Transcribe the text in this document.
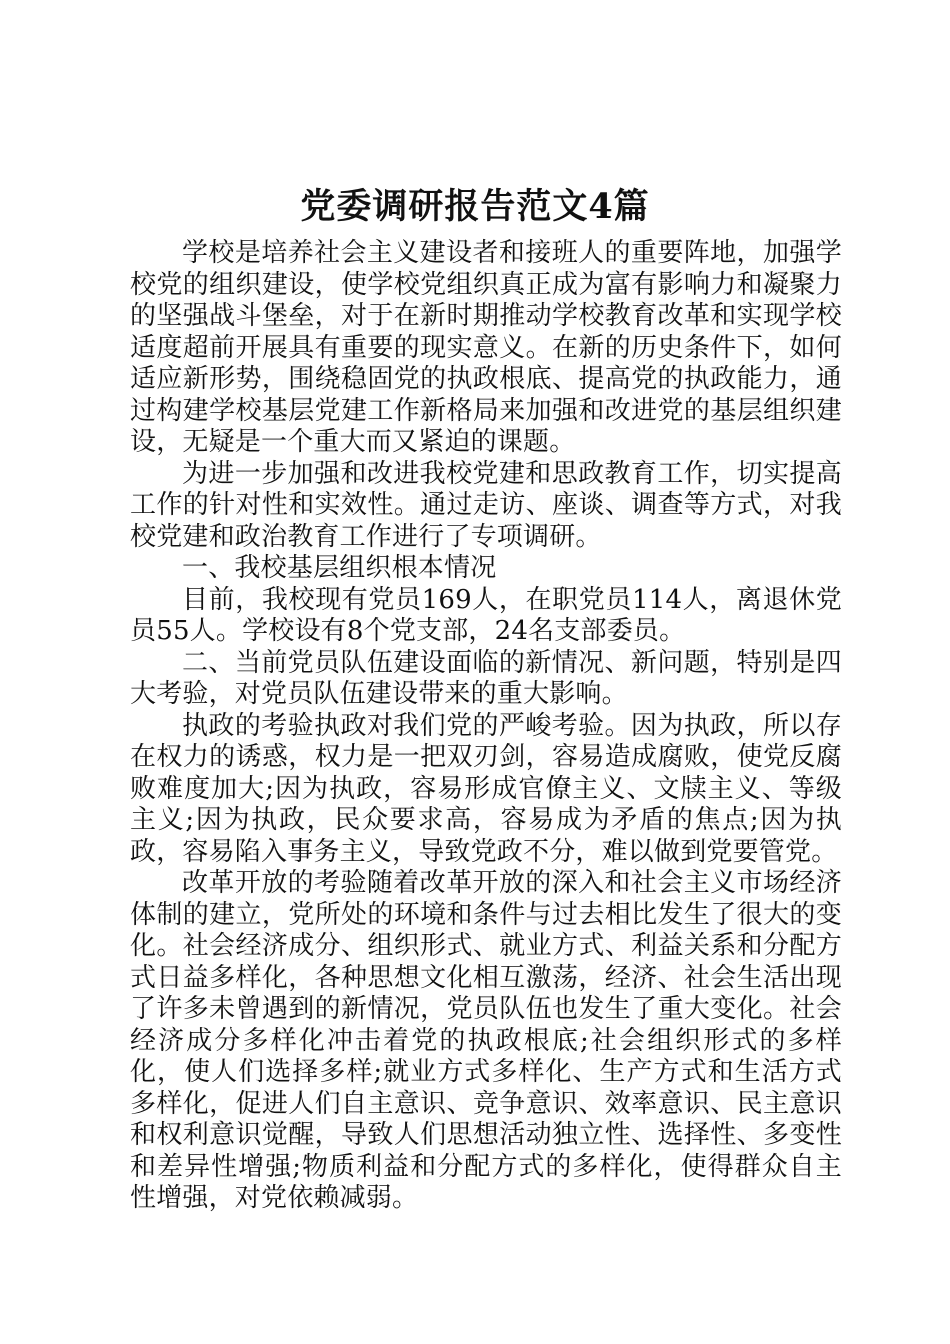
党委调研报告范文4篇

学校是培养社会主义建设者和接班人的重要阵地，加强学校党的组织建设，使学校党组织真正成为富有影响力和凝聚力的坚强战斗堡垒，对于在新时期推动学校教育改革和实现学校适度超前开展具有重要的现实意义。在新的历史条件下，如何适应新形势，围绕稳固党的执政根底、提高党的执政能力，通过构建学校基层党建工作新格局来加强和改进党的基层组织建设，无疑是一个重大而又紧迫的课题。

为进一步加强和改进我校党建和思政教育工作，切实提高工作的针对性和实效性。通过走访、座谈、调查等方式，对我校党建和政治教育工作进行了专项调研。

一、我校基层组织根本情况

目前，我校现有党员169人，在职党员114人，离退休党员55人。学校设有8个党支部，24名支部委员。

二、当前党员队伍建设面临的新情况、新问题，特别是四大考验，对党员队伍建设带来的重大影响。

执政的考验执政对我们党的严峻考验。因为执政，所以存在权力的诱惑，权力是一把双刃剑，容易造成腐败，使党反腐败难度加大;因为执政，容易形成官僚主义、文牍主义、等级主义;因为执政，民众要求高，容易成为矛盾的焦点;因为执政，容易陷入事务主义，导致党政不分，难以做到党要管党。

改革开放的考验随着改革开放的深入和社会主义市场经济体制的建立，党所处的环境和条件与过去相比发生了很大的变化。社会经济成分、组织形式、就业方式、利益关系和分配方式日益多样化，各种思想文化相互激荡，经济、社会生活出现了许多未曾遇到的新情况，党员队伍也发生了重大变化。社会经济成分多样化冲击着党的执政根底;社会组织形式的多样化，使人们选择多样;就业方式多样化、生产方式和生活方式多样化，促进人们自主意识、竞争意识、效率意识、民主意识和权利意识觉醒，导致人们思想活动独立性、选择性、多变性和差异性增强;物质利益和分配方式的多样化，使得群众自主性增强，对党依赖减弱。
